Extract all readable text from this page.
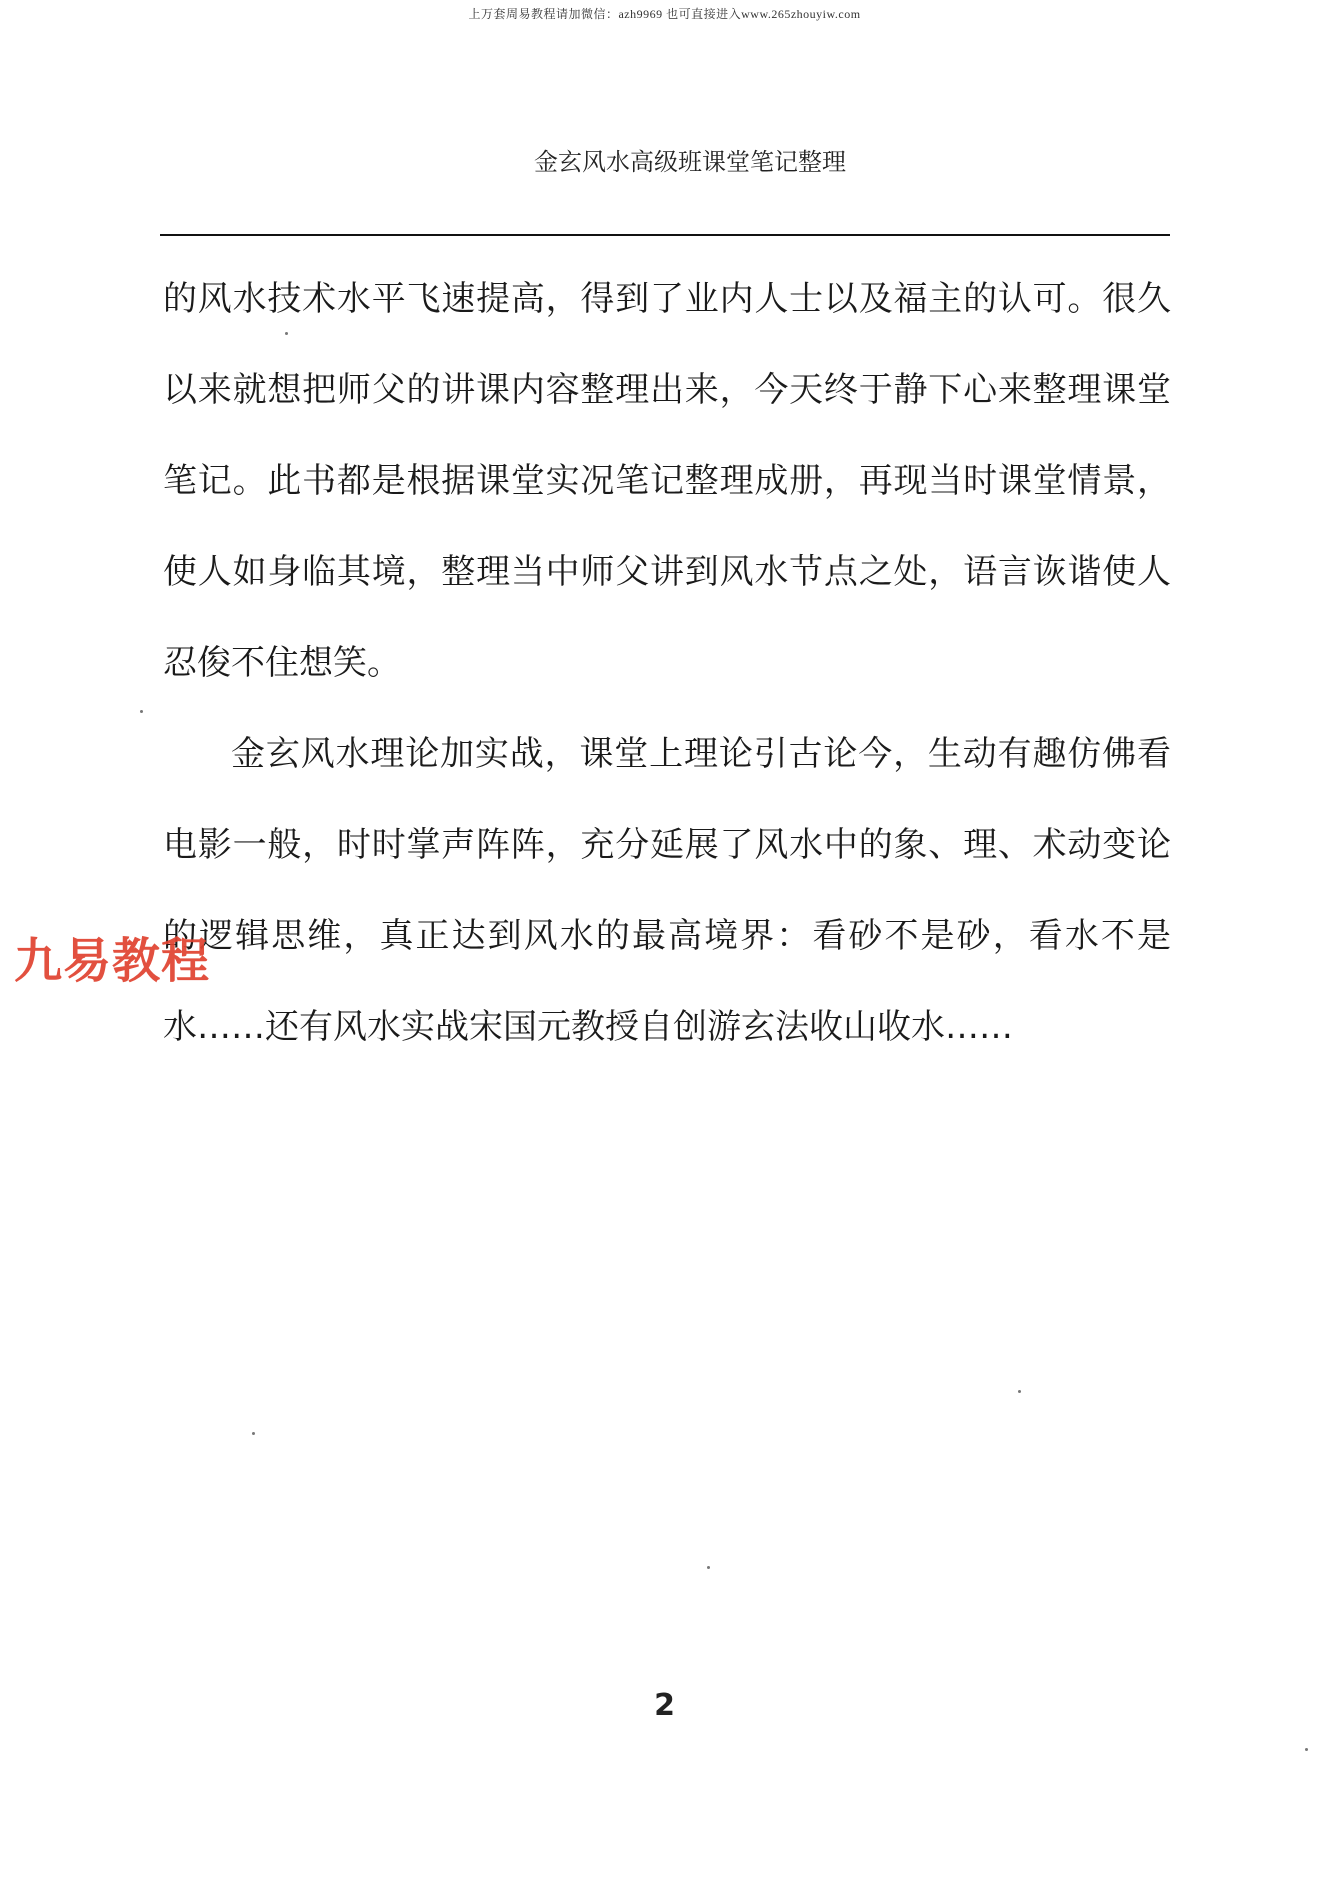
上万套周易教程请加微信：azh9969 也可直接进入www.265zhouyiw.com
金玄风水高级班课堂笔记整理

的风水技术水平飞速提高，得到了业内人士以及福主的认可。很久以来就想把师父的讲课内容整理出来，今天终于静下心来整理课堂笔记。此书都是根据课堂实况笔记整理成册，再现当时课堂情景，使人如身临其境，整理当中师父讲到风水节点之处，语言诙谐使人忍俊不住想笑。

金玄风水理论加实战，课堂上理论引古论今，生动有趣仿佛看电影一般，时时掌声阵阵，充分延展了风水中的象、理、术动变论的逻辑思维，真正达到风水的最高境界：看砂不是砂，看水不是水……还有风水实战宋国元教授自创游玄法收山收水……

九易教程
2
